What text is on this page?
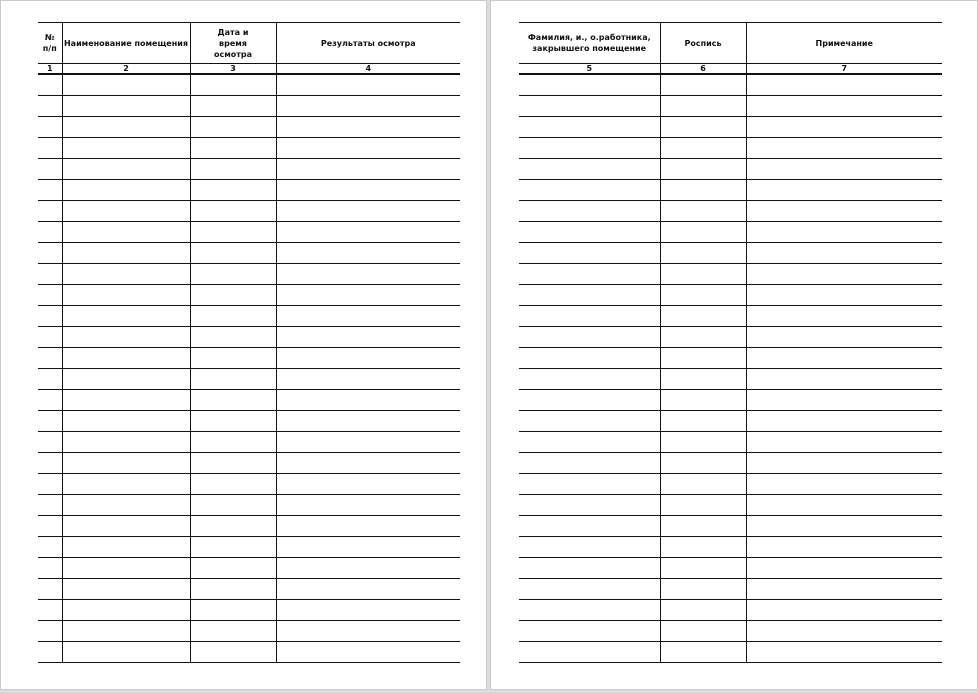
№ п/п	Наименование помещения	Дата и время осмотра	Результаты осмотра
1	2	3	4

Фамилия, и., о.работника, закрывшего помещение	Роспись	Примечание
5	6	7
